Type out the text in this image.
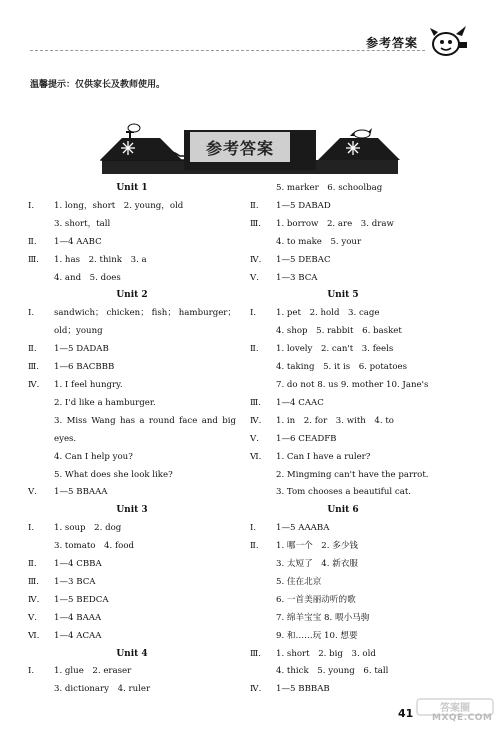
参考答案
温馨提示：仅供家长及教师使用。
参考答案
Unit 1
Ⅰ.	1. long，short　2. young，old
3. short，tall
Ⅱ.	1—4 AABC
Ⅲ.	1. has　2. think　3. a
4. and　5. does
Unit 2
Ⅰ.	sandwich； chicken； fish； hamburger；
old；young
Ⅱ.	1—5 DADAB
Ⅲ.	1—6 BACBBB
Ⅳ.	1. I feel hungry.
2. I'd like a hamburger.
3. Miss Wang has a round face and big
eyes.
4. Can I help you?
5. What does she look like?
Ⅴ.	1—5 BBAAA
Unit 3
Ⅰ.	1. soup　2. dog
3. tomato　4. food
Ⅱ.	1—4 CBBA
Ⅲ.	1—3 BCA
Ⅳ.	1—5 BEDCA
Ⅴ.	1—4 BAAA
Ⅵ.	1—4 ACAA
Unit 4
Ⅰ.	1. glue　2. eraser
3. dictionary　4. ruler
5. marker　6. schoolbag
Ⅱ.	1—5 DABAD
Ⅲ.	1. borrow　2. are　3. draw
4. to make　5. your
Ⅳ.	1—5 DEBAC
Ⅴ.	1—3 BCA
Unit 5
Ⅰ.	1. pet　2. hold　3. cage
4. shop　5. rabbit　6. basket
Ⅱ.	1. lovely　2. can't　3. feels
4. taking　5. it is　6. potatoes
7. do not 8. us 9. mother 10. Jane's
Ⅲ.	1—4 CAAC
Ⅳ.	1. in　2. for　3. with　4. to
Ⅴ.	1—6 CEADFB
Ⅵ.	1. Can I have a ruler?
2. Mingming can't have the parrot.
3. Tom chooses a beautiful cat.
Unit 6
Ⅰ.	1—5 AAABA
Ⅱ.	1. 哪一个　2. 多少钱
3. 太短了　4. 新衣服
5. 住在北京
6. 一首美丽动听的歌
7. 绵羊宝宝 8. 喂小马驹
9. 和……玩 10. 想要
Ⅲ.	1. short　2. big　3. old
4. thick　5. young　6. tall
Ⅳ.	1—5 BBBAB
41	答案圈
MXQE.COM
